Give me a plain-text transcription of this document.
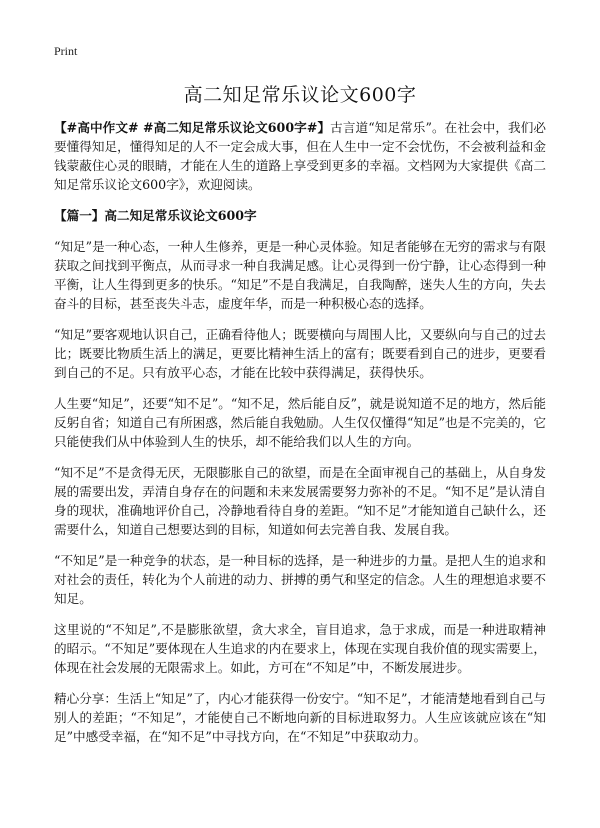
Print
高二知足常乐议论文600字

【#高中作文# #高二知足常乐议论文600字#】古言道“知足常乐”。在社会中，我们必要懂得知足，懂得知足的人不一定会成大事，但在人生中一定不会忧伤，不会被利益和金钱蒙蔽住心灵的眼睛，才能在人生的道路上享受到更多的幸福。文档网为大家提供《高二知足常乐议论文600字》，欢迎阅读。

【篇一】高二知足常乐议论文600字

“知足”是一种心态，一种人生修养，更是一种心灵体验。知足者能够在无穷的需求与有限获取之间找到平衡点，从而寻求一种自我满足感。让心灵得到一份宁静，让心态得到一种平衡，让人生得到更多的快乐。“知足”不是自我满足，自我陶醉，迷失人生的方向，失去奋斗的目标，甚至丧失斗志，虚度年华，而是一种积极心态的选择。

“知足”要客观地认识自己，正确看待他人；既要横向与周围人比，又要纵向与自己的过去比；既要比物质生活上的满足，更要比精神生活上的富有；既要看到自己的进步，更要看到自己的不足。只有放平心态，才能在比较中获得满足，获得快乐。

人生要“知足”，还要“知不足”。“知不足，然后能自反”，就是说知道不足的地方，然后能反躬自省；知道自己有所困惑，然后能自我勉励。人生仅仅懂得“知足”也是不完美的，它只能使我们从中体验到人生的快乐，却不能给我们以人生的方向。

“知不足”不是贪得无厌，无限膨胀自己的欲望，而是在全面审视自己的基础上，从自身发展的需要出发，弄清自身存在的问题和未来发展需要努力弥补的不足。“知不足”是认清自身的现状，准确地评价自己，冷静地看待自身的差距。“知不足”才能知道自己缺什么，还需要什么，知道自己想要达到的目标，知道如何去完善自我、发展自我。

“不知足”是一种竞争的状态，是一种目标的选择，是一种进步的力量。是把人生的追求和对社会的责任，转化为个人前进的动力、拼搏的勇气和坚定的信念。人生的理想追求要不知足。

这里说的“不知足”,不是膨胀欲望，贪大求全，盲目追求，急于求成，而是一种进取精神的昭示。“不知足”要体现在人生追求的内在要求上，体现在实现自我价值的现实需要上，体现在社会发展的无限需求上。如此，方可在“不知足”中，不断发展进步。

精心分享：生活上“知足”了，内心才能获得一份安宁。“知不足”，才能清楚地看到自己与别人的差距；“不知足”，才能使自己不断地向新的目标进取努力。人生应该就应该在“知足”中感受幸福，在“知不足”中寻找方向，在“不知足”中获取动力。
